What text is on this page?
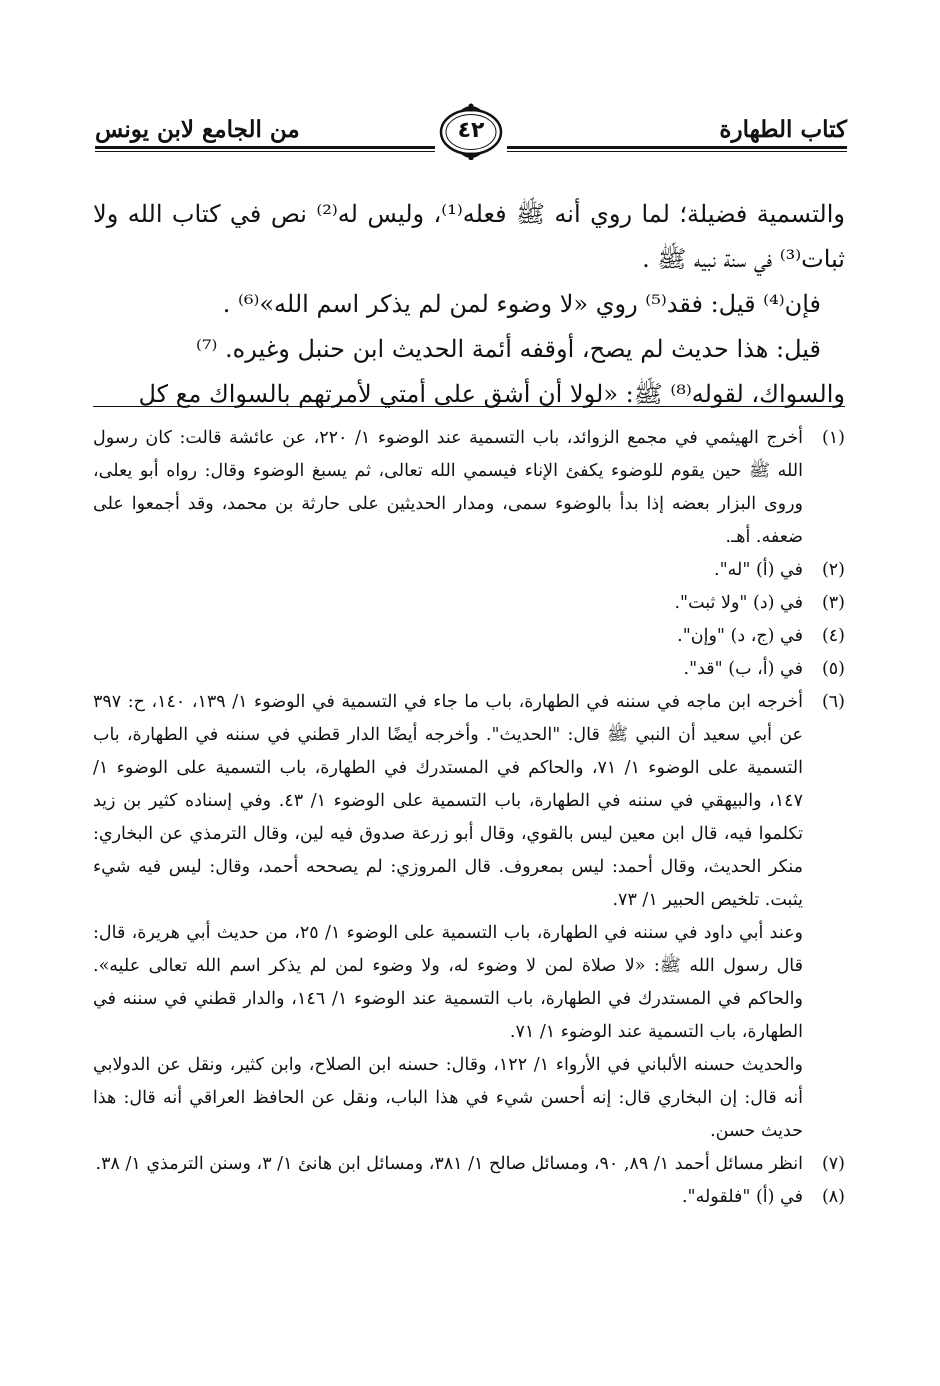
كتاب الطهارة
من الجامع لابن يونس	٤٢

والتسمية فضيلة؛ لما روي أنه ﷺ فعله⁽¹⁾، وليس له⁽²⁾ نص في كتاب الله ولا ثبات⁽³⁾ في سنة نبيه ﷺ .

فإن⁽⁴⁾ قيل: فقد⁽⁵⁾ روي «لا وضوء لمن لم يذكر اسم الله»⁽⁶⁾ .

قيل: هذا حديث لم يصح، أوقفه أئمة الحديث ابن حنبل وغيره. ⁽⁷⁾

والسواك، لقوله⁽⁸⁾ ﷺ: «لولا أن أشق على أمتي لأمرتهم بالسواك مع كل

(١)

أخرج الهيثمي في مجمع الزوائد، باب التسمية عند الوضوء ١/ ٢٢٠، عن عائشة قالت: كان رسول الله ﷺ حين يقوم للوضوء يكفئ الإناء فيسمي الله تعالى، ثم يسبغ الوضوء وقال: رواه أبو يعلى، وروى البزار بعضه إذا بدأ بالوضوء سمى، ومدار الحديثين على حارثة بن محمد، وقد أجمعوا على ضعفه. أهـ.

(٢)

في (أ) "له".

(٣)

في (د) "ولا ثبت".

(٤)

في (ج، د) "وإن".

(٥)

في (أ، ب) "قد".

(٦)

أخرجه ابن ماجه في سننه في الطهارة، باب ما جاء في التسمية في الوضوء ١/ ١٣٩، ١٤٠، ح: ٣٩٧ عن أبي سعيد أن النبي ﷺ قال: "الحديث". وأخرجه أيضًا الدار قطني في سننه في الطهارة، باب التسمية على الوضوء ١/ ٧١، والحاكم في المستدرك في الطهارة، باب التسمية على الوضوء ١/ ١٤٧، والبيهقي في سننه في الطهارة، باب التسمية على الوضوء ١/ ٤٣. وفي إسناده كثير بن زيد تكلموا فيه، قال ابن معين ليس بالقوي، وقال أبو زرعة صدوق فيه لين، وقال الترمذي عن البخاري: منكر الحديث، وقال أحمد: ليس بمعروف. قال المروزي: لم يصححه أحمد، وقال: ليس فيه شيء يثبت. تلخيص الحبير ١/ ٧٣.

وعند أبي داود في سننه في الطهارة، باب التسمية على الوضوء ١/ ٢٥، من حديث أبي هريرة، قال: قال رسول الله ﷺ: «لا صلاة لمن لا وضوء له، ولا وضوء لمن لم يذكر اسم الله تعالى عليه». والحاكم في المستدرك في الطهارة، باب التسمية عند الوضوء ١/ ١٤٦، والدار قطني في سننه في الطهارة، باب التسمية عند الوضوء ١/ ٧١.

والحديث حسنه الألباني في الأرواء ١/ ١٢٢، وقال: حسنه ابن الصلاح، وابن كثير، ونقل عن الدولابي أنه قال: إن البخاري قال: إنه أحسن شيء في هذا الباب، ونقل عن الحافظ العراقي أنه قال: هذا حديث حسن.

(٧)

انظر مسائل أحمد ١/ ٨٩, ٩٠، ومسائل صالح ١/ ٣٨١، ومسائل ابن هانئ ١/ ٣، وسنن الترمذي ١/ ٣٨.

(٨)

في (أ) "فلقوله".
